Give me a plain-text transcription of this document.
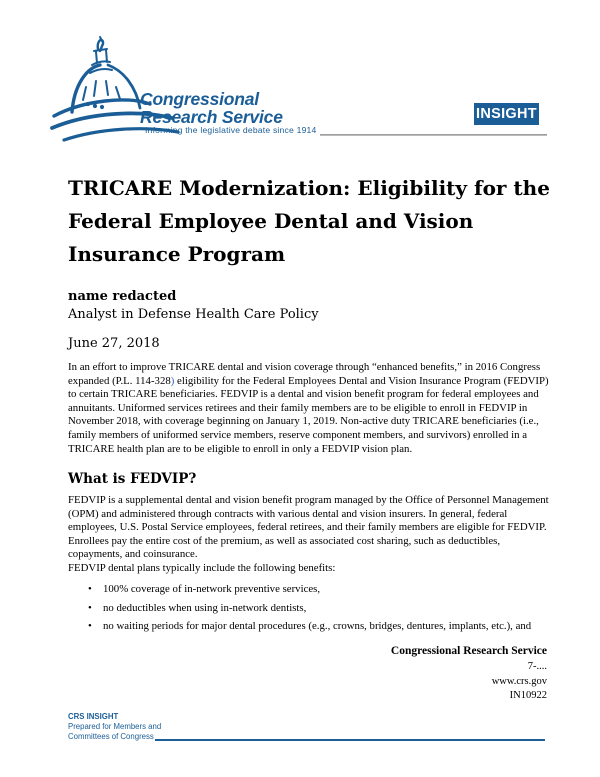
Congressional
Research Service
Informing the legislative debate since 1914
INSIGHT
TRICARE Modernization: Eligibility for the
Federal Employee Dental and Vision
Insurance Program
name redacted
Analyst in Defense Health Care Policy
June 27, 2018

In an effort to improve TRICARE dental and vision coverage through “enhanced benefits,” in 2016 Congress expanded (P.L. 114-328) eligibility for the Federal Employees Dental and Vision Insurance Program (FEDVIP) to certain TRICARE beneficiaries. FEDVIP is a dental and vision benefit program for federal employees and annuitants. Uniformed services retirees and their family members are to be eligible to enroll in FEDVIP in November 2018, with coverage beginning on January 1, 2019. Non-active duty TRICARE beneficiaries (i.e., family members of uniformed service members, reserve component members, and survivors) enrolled in a TRICARE health plan are to be eligible to enroll in only a FEDVIP vision plan.

What is FEDVIP?

FEDVIP is a supplemental dental and vision benefit program managed by the Office of Personnel Management (OPM) and administered through contracts with various dental and vision insurers. In general, federal employees, U.S. Postal Service employees, federal retirees, and their family members are eligible for FEDVIP. Enrollees pay the entire cost of the premium, as well as associated cost sharing, such as deductibles, copayments, and coinsurance.

FEDVIP dental plans typically include the following benefits:

• 100% coverage of in-network preventive services,
• no deductibles when using in-network dentists,
• no waiting periods for major dental procedures (e.g., crowns, bridges, dentures, implants, etc.), and
Congressional Research Service
7-....
www.crs.gov
IN10922
CRS INSIGHT
Prepared for Members and
Committees of Congress
